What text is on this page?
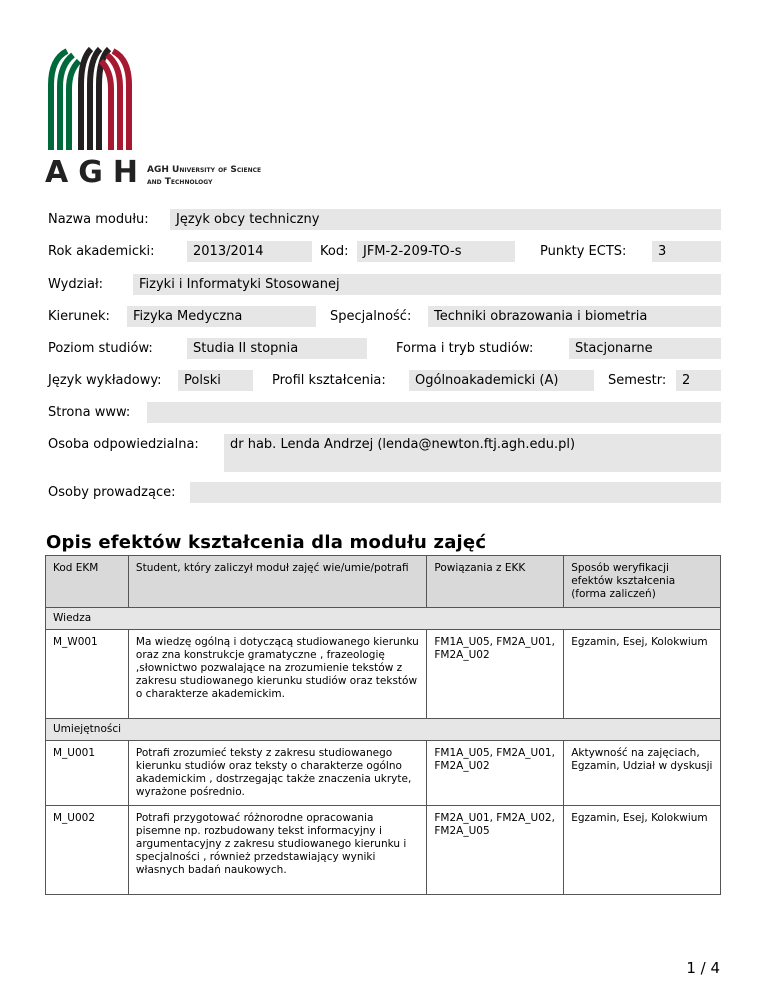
AGH AGH University of Science
and Technology
Nazwa modułu:	Język obcy techniczny
Rok akademicki:	2013/2014	Kod:	JFM-2-209-TO-s	Punkty ECTS:	3
Wydział:	Fizyki i Informatyki Stosowanej
Kierunek:	Fizyka Medyczna	Specjalność:	Techniki obrazowania i biometria
Poziom studiów:	Studia II stopnia	Forma i tryb studiów:	Stacjonarne
Język wykładowy:	Polski	Profil kształcenia:	Ogólnoakademicki (A)	Semestr:	2
Strona www:
Osoba odpowiedzialna:	dr hab. Lenda Andrzej (lenda@newton.ftj.agh.edu.pl)
Osoby prowadzące:
Opis efektów kształcenia dla modułu zajęć
Kod EKM	Student, który zaliczył moduł zajęć wie/umie/potrafi	Powiązania z EKK	Sposób weryfikacji efektów kształcenia (forma zaliczeń)
Wiedza			
M_W001	Ma wiedzę ogólną i dotyczącą studiowanego kierunku oraz zna konstrukcje gramatyczne , frazeologię ,słownictwo pozwalające na zrozumienie tekstów z zakresu studiowanego kierunku studiów oraz tekstów o charakterze akademickim.	FM1A_U05, FM2A_U01, FM2A_U02	Egzamin, Esej, Kolokwium
Umiejętności			
M_U001	Potrafi zrozumieć teksty z zakresu studiowanego kierunku studiów oraz teksty o charakterze ogólno akademickim , dostrzegając także znaczenia ukryte, wyrażone pośrednio.	FM1A_U05, FM2A_U01, FM2A_U02	Aktywność na zajęciach, Egzamin, Udział w dyskusji
M_U002	Potrafi przygotować różnorodne opracowania pisemne np. rozbudowany tekst informacyjny i argumentacyjny z zakresu studiowanego kierunku i specjalności , również przedstawiający wyniki własnych badań naukowych.	FM2A_U01, FM2A_U02, FM2A_U05	Egzamin, Esej, Kolokwium
1 / 4
